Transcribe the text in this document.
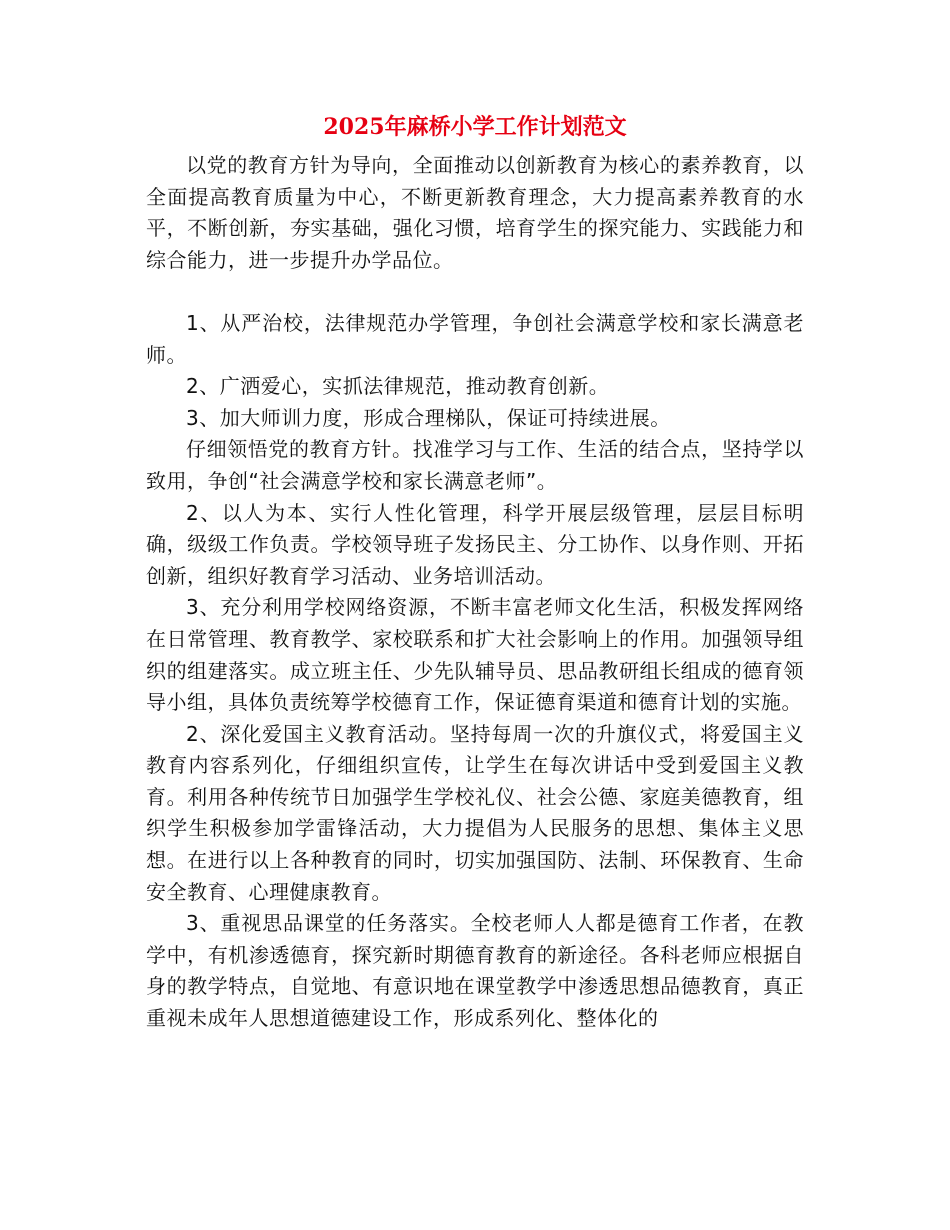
2025年麻桥小学工作计划范文

以党的教育方针为导向，全面推动以创新教育为核心的素养教育，以全面提高教育质量为中心，不断更新教育理念，大力提高素养教育的水平，不断创新，夯实基础，强化习惯，培育学生的探究能力、实践能力和综合能力，进一步提升办学品位。

1、从严治校，法律规范办学管理，争创社会满意学校和家长满意老师。

2、广洒爱心，实抓法律规范，推动教育创新。

3、加大师训力度，形成合理梯队，保证可持续进展。

仔细领悟党的教育方针。找准学习与工作、生活的结合点，坚持学以致用，争创“社会满意学校和家长满意老师”。

2、以人为本、实行人性化管理，科学开展层级管理，层层目标明确，级级工作负责。学校领导班子发扬民主、分工协作、以身作则、开拓创新，组织好教育学习活动、业务培训活动。

3、充分利用学校网络资源，不断丰富老师文化生活，积极发挥网络在日常管理、教育教学、家校联系和扩大社会影响上的作用。加强领导组织的组建落实。成立班主任、少先队辅导员、思品教研组长组成的德育领导小组，具体负责统筹学校德育工作，保证德育渠道和德育计划的实施。

2、深化爱国主义教育活动。坚持每周一次的升旗仪式，将爱国主义教育内容系列化，仔细组织宣传，让学生在每次讲话中受到爱国主义教育。利用各种传统节日加强学生学校礼仪、社会公德、家庭美德教育，组织学生积极参加学雷锋活动，大力提倡为人民服务的思想、集体主义思想。在进行以上各种教育的同时，切实加强国防、法制、环保教育、生命安全教育、心理健康教育。

3、重视思品课堂的任务落实。全校老师人人都是德育工作者，在教学中，有机渗透德育，探究新时期德育教育的新途径。各科老师应根据自身的教学特点，自觉地、有意识地在课堂教学中渗透思想品德教育，真正重视未成年人思想道德建设工作，形成系列化、整体化的
